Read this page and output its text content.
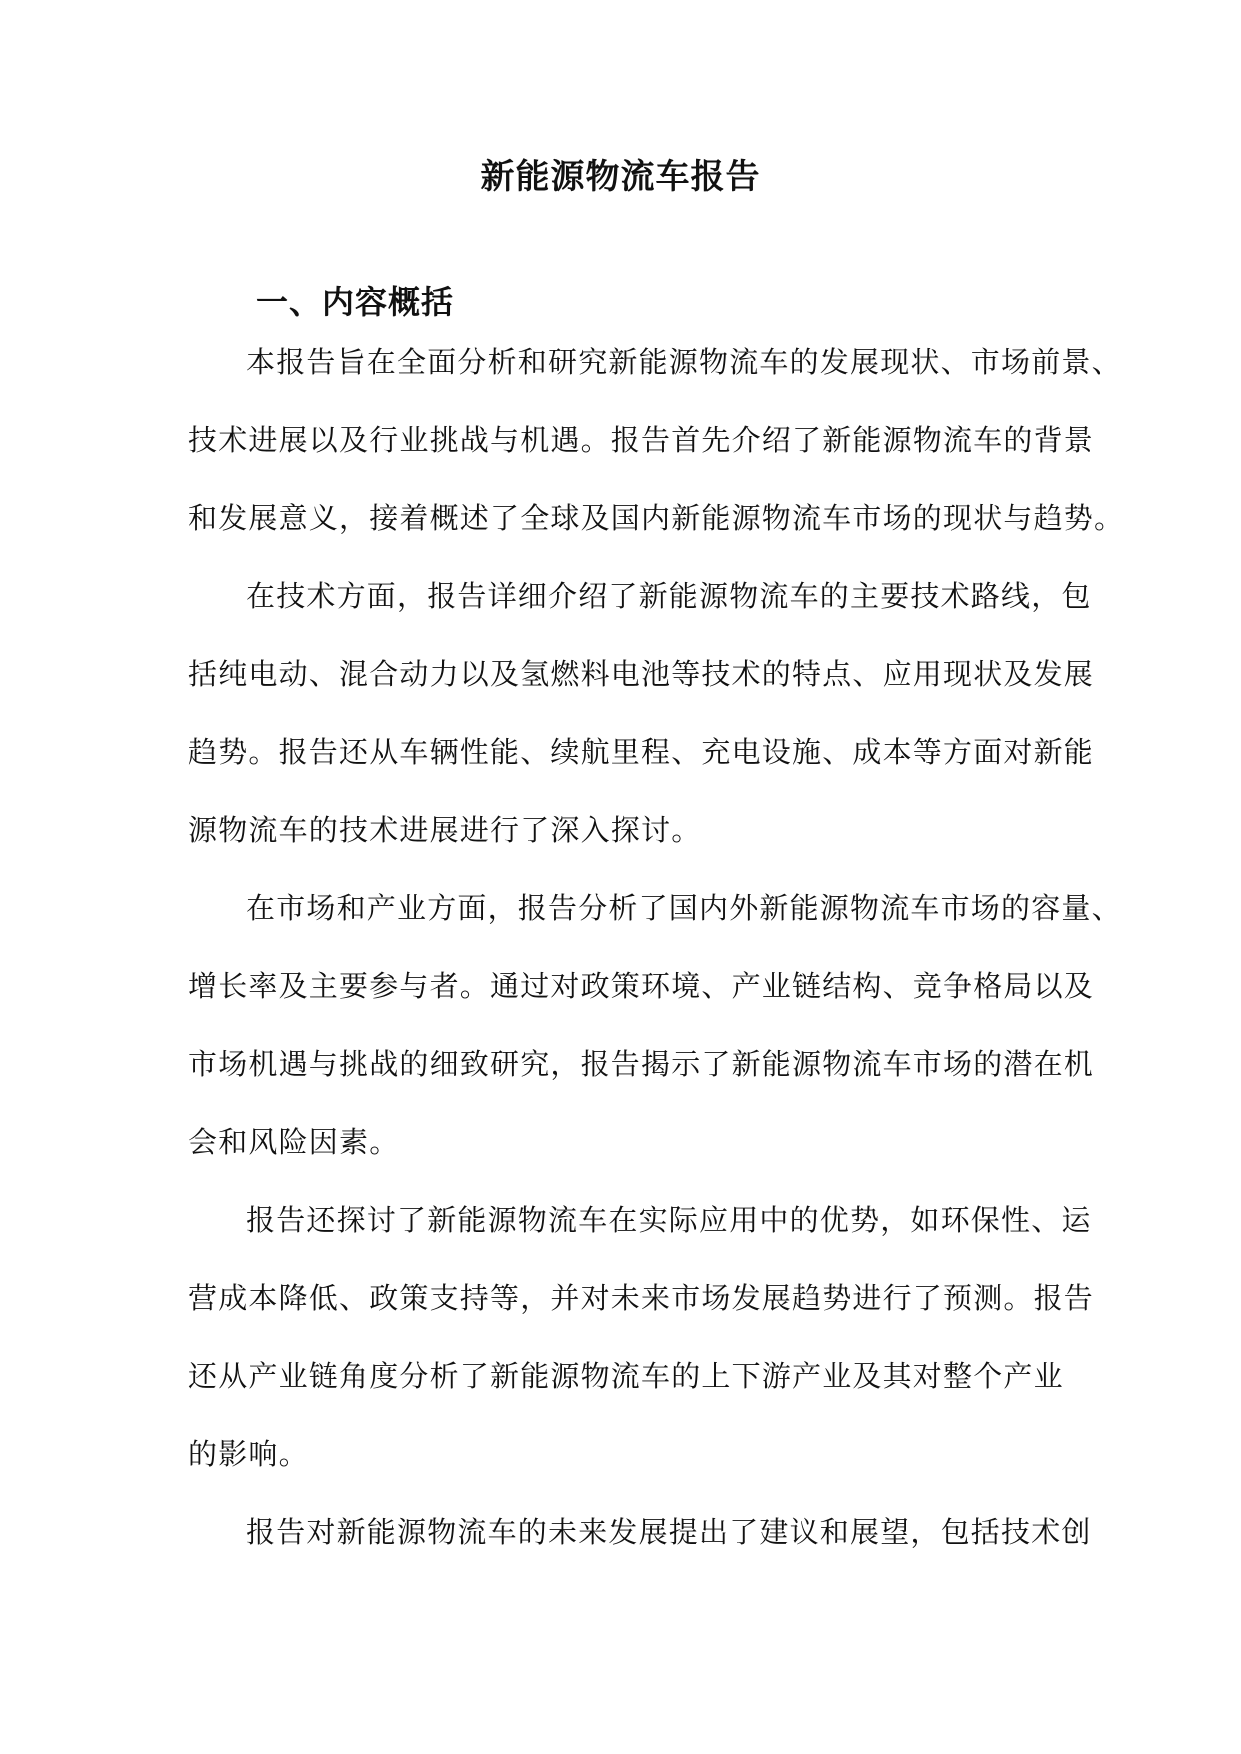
新能源物流车报告
一、内容概括
本报告旨在全面分析和研究新能源物流车的发展现状、市场前景、
技术进展以及行业挑战与机遇。报告首先介绍了新能源物流车的背景
和发展意义，接着概述了全球及国内新能源物流车市场的现状与趋势。
在技术方面，报告详细介绍了新能源物流车的主要技术路线，包
括纯电动、混合动力以及氢燃料电池等技术的特点、应用现状及发展
趋势。报告还从车辆性能、续航里程、充电设施、成本等方面对新能
源物流车的技术进展进行了深入探讨。
在市场和产业方面，报告分析了国内外新能源物流车市场的容量、
增长率及主要参与者。通过对政策环境、产业链结构、竞争格局以及
市场机遇与挑战的细致研究，报告揭示了新能源物流车市场的潜在机
会和风险因素。
报告还探讨了新能源物流车在实际应用中的优势，如环保性、运
营成本降低、政策支持等，并对未来市场发展趋势进行了预测。报告
还从产业链角度分析了新能源物流车的上下游产业及其对整个产业
的影响。
报告对新能源物流车的未来发展提出了建议和展望，包括技术创
